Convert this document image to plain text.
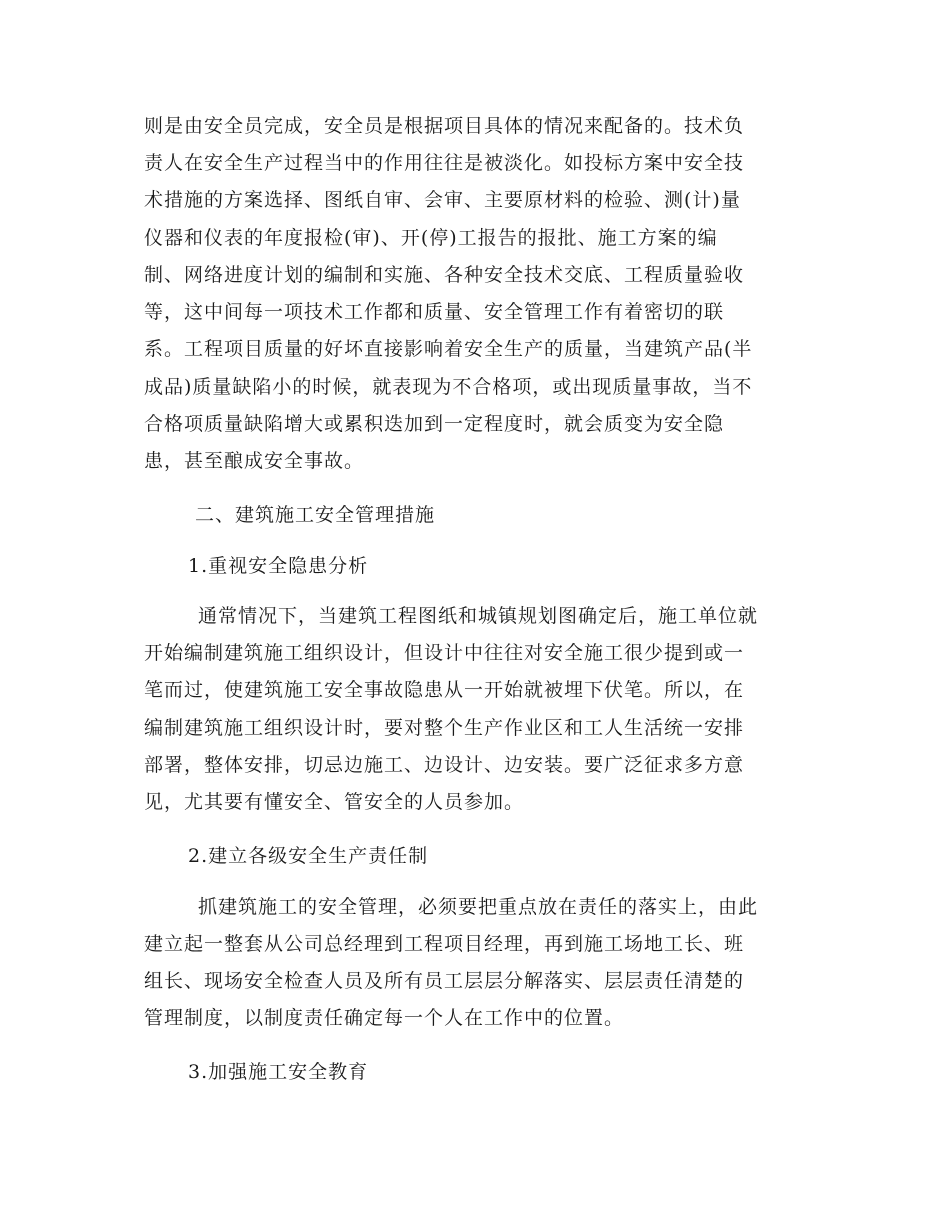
则是由安全员完成，安全员是根据项目具体的情况来配备的。技术负
责人在安全生产过程当中的作用往往是被淡化。如投标方案中安全技
术措施的方案选择、图纸自审、会审、主要原材料的检验、测(计)量
仪器和仪表的年度报检(审)、开(停)工报告的报批、施工方案的编
制、网络进度计划的编制和实施、各种安全技术交底、工程质量验收
等，这中间每一项技术工作都和质量、安全管理工作有着密切的联
系。工程项目质量的好坏直接影响着安全生产的质量，当建筑产品(半
成品)质量缺陷小的时候，就表现为不合格项，或出现质量事故，当不
合格项质量缺陷增大或累积迭加到一定程度时，就会质变为安全隐
患，甚至酿成安全事故。
二、建筑施工安全管理措施
1.重视安全隐患分析
通常情况下，当建筑工程图纸和城镇规划图确定后，施工单位就
开始编制建筑施工组织设计，但设计中往往对安全施工很少提到或一
笔而过，使建筑施工安全事故隐患从一开始就被埋下伏笔。所以，在
编制建筑施工组织设计时，要对整个生产作业区和工人生活统一安排
部署，整体安排，切忌边施工、边设计、边安装。要广泛征求多方意
见，尤其要有懂安全、管安全的人员参加。
2.建立各级安全生产责任制
抓建筑施工的安全管理，必须要把重点放在责任的落实上，由此
建立起一整套从公司总经理到工程项目经理，再到施工场地工长、班
组长、现场安全检查人员及所有员工层层分解落实、层层责任清楚的
管理制度，以制度责任确定每一个人在工作中的位置。
3.加强施工安全教育
